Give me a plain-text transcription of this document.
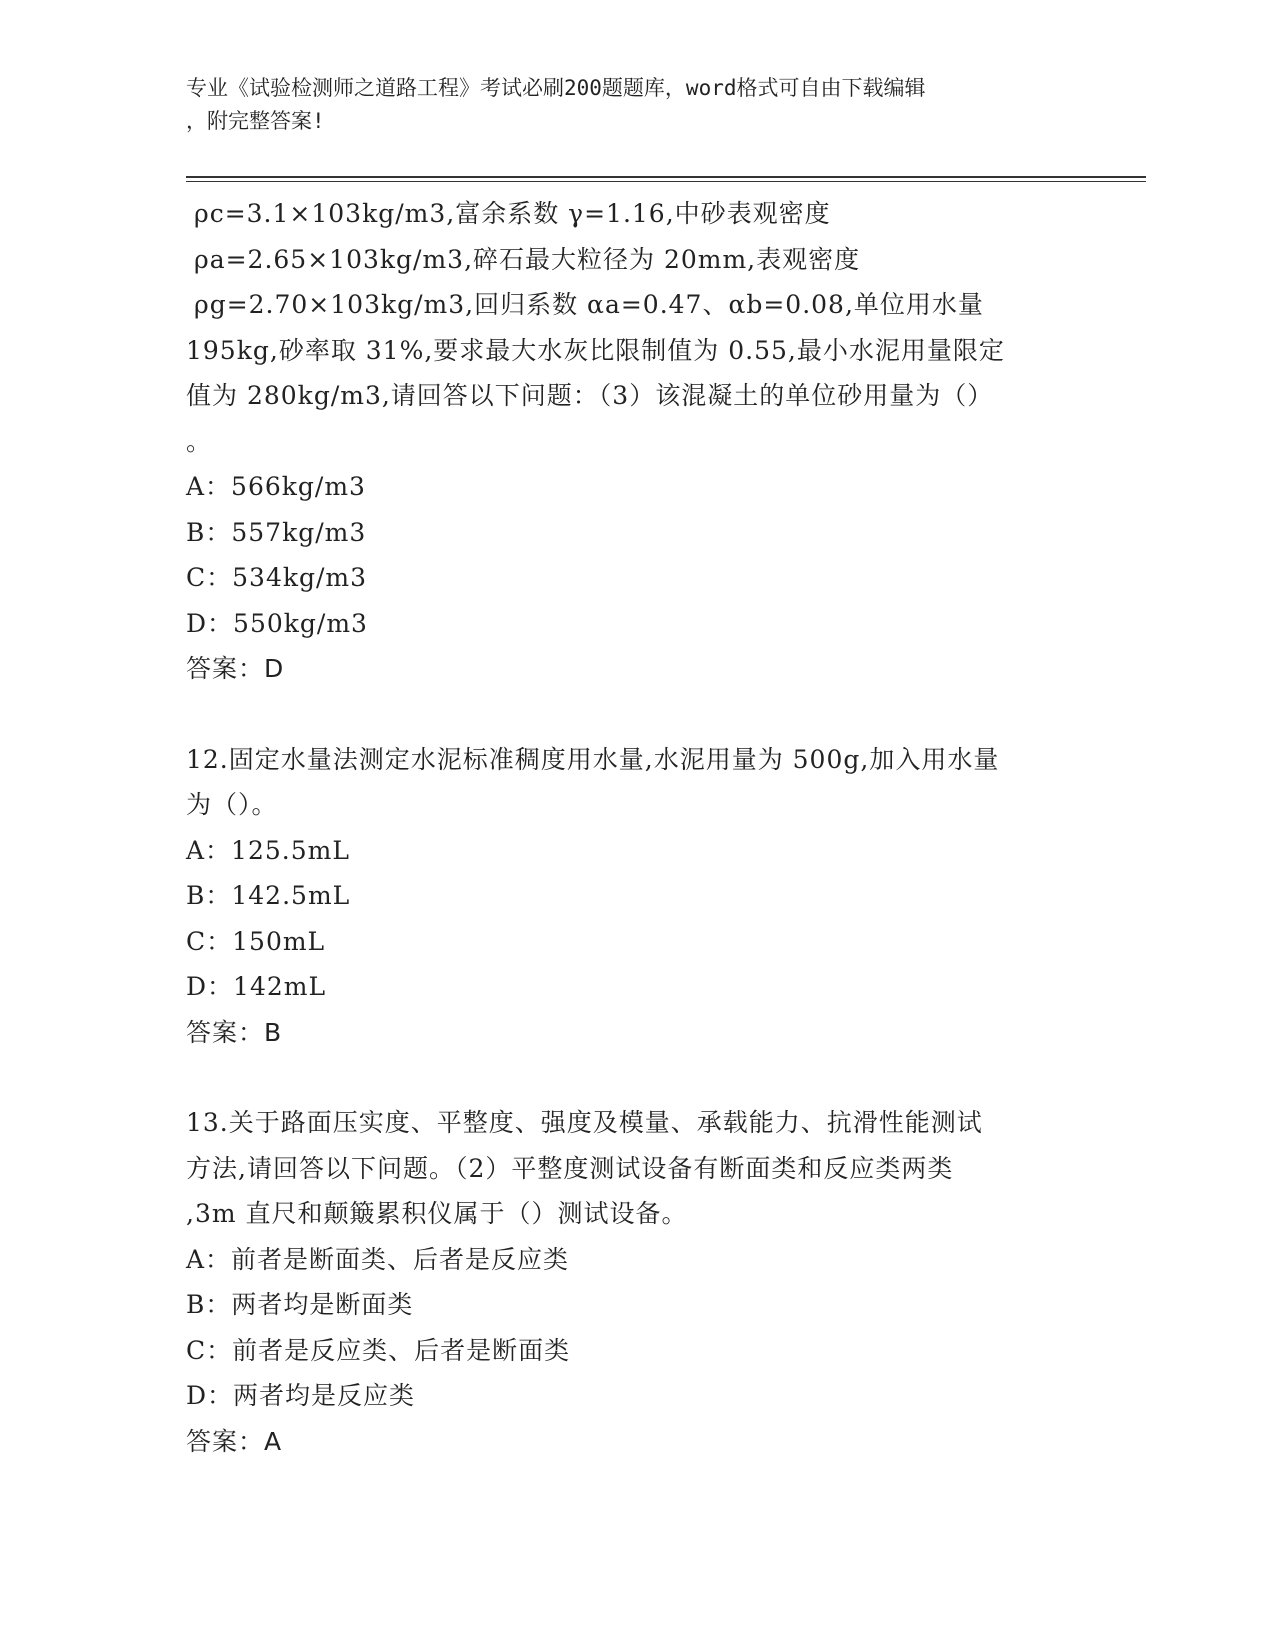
专业《试验检测师之道路工程》考试必刷200题题库，word格式可自由下载编辑
，附完整答案!
ρc=3.1×103kg/m3,富余系数 γ=1.16,中砂表观密度
ρa=2.65×103kg/m3,碎石最大粒径为 20mm,表观密度
ρg=2.70×103kg/m3,回归系数 αa=0.47、αb=0.08,单位用水量
195kg,砂率取 31%,要求最大水灰比限制值为 0.55,最小水泥用量限定
值为 280kg/m3,请回答以下问题：（3）该混凝土的单位砂用量为（）
。
A：566kg/m3
B：557kg/m3
C：534kg/m3
D：550kg/m3
答案：D
12.固定水量法测定水泥标准稠度用水量,水泥用量为 500g,加入用水量
为（）。
A：125.5mL
B：142.5mL
C：150mL
D：142mL
答案：B
13.关于路面压实度、平整度、强度及模量、承载能力、抗滑性能测试
方法,请回答以下问题。（2）平整度测试设备有断面类和反应类两类
,3m 直尺和颠簸累积仪属于（）测试设备。
A：前者是断面类、后者是反应类
B：两者均是断面类
C：前者是反应类、后者是断面类
D：两者均是反应类
答案：A
